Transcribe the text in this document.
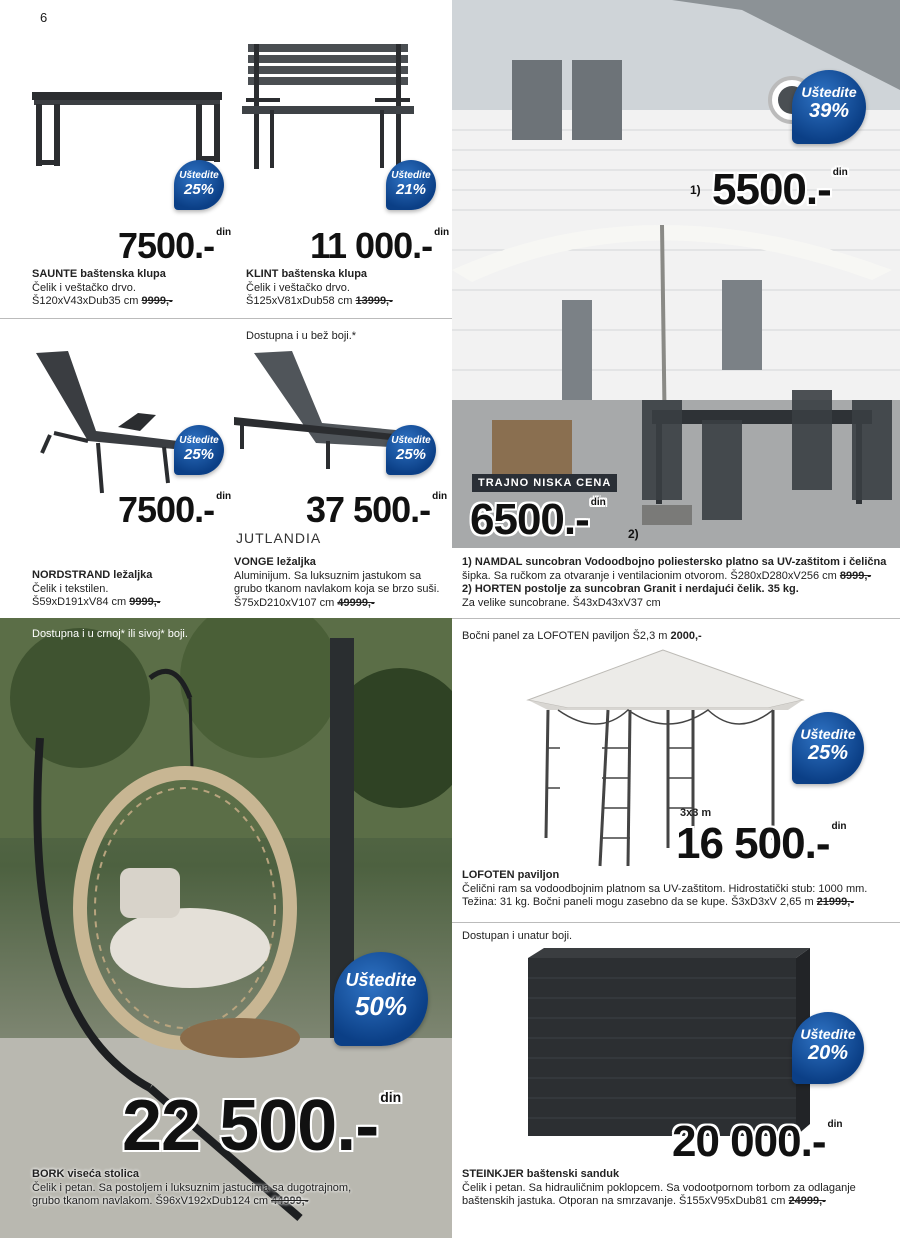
6
Uštedite
25%
7500.- $^{din}$
SAUNTE baštenska klupa
Čelik i veštačko drvo.
Š120xV43xDub35 cm 9999,-
Uštedite
21%
11 000.- $^{din}$
KLINT baštenska klupa
Čelik i veštačko drvo.
Š125xV81xDub58 cm 13999,-
Uštedite
25%
7500.- $^{din}$
NORDSTRAND ležaljka
Čelik i tekstilen.
Š59xD191xV84 cm 9999,-
Dostupna i u bež boji.*
Uštedite
25%
37 500.- $^{din}$
JUTLANDIA
VONGE ležaljka
Aluminijum. Sa luksuznim jastukom sa
grubo tkanom navlakom koja se brzo suši.
Š75xD210xV107 cm 49999,-
Uštedite
39%
1) 5500.- $^{din}$
TRAJNO NISKA CENA
6500.- $^{din}$
2)
1) NAMDAL suncobran Vodoodbojno poliestersko platno sa UV-zaštitom i čelična
šipka. Sa ručkom za otvaranje i ventilacionim otvorom. Š280xD280xV256 cm 8999,-
2) HORTEN postolje za suncobran Granit i nerdajući čelik. 35 kg.
Za velike suncobrane. Š43xD43xV37 cm
Dostupna i u crnoj* ili sivoj* boji.
Uštedite
50%
22 500.- $^{din}$
BORK viseća stolica
Čelik i petan. Sa postoljem i luksuznim jastucima sa dugotrajnom,
grubo tkanom navlakom. Š96xV192xDub124 cm 44999,-
Bočni panel za LOFOTEN paviljon Š2,3 m 2000,-
Uštedite
25%
3x3 m
16 500.- $^{din}$
LOFOTEN paviljon
Čelični ram sa vodoodbojnim platnom sa UV-zaštitom. Hidrostatički stub: 1000 mm.
Težina: 31 kg. Bočni paneli mogu zasebno da se kupe. Š3xD3xV 2,65 m 21999,-
Dostupan i unatur boji.
Uštedite
20%
20 000.- $^{din}$
STEINKJER baštenski sanduk
Čelik i petan. Sa hidrauličnim poklopcem. Sa vodootpornom torbom za odlaganje
baštenskih jastuka. Otporan na smrzavanje. Š155xV95xDub81 cm 24999,-
